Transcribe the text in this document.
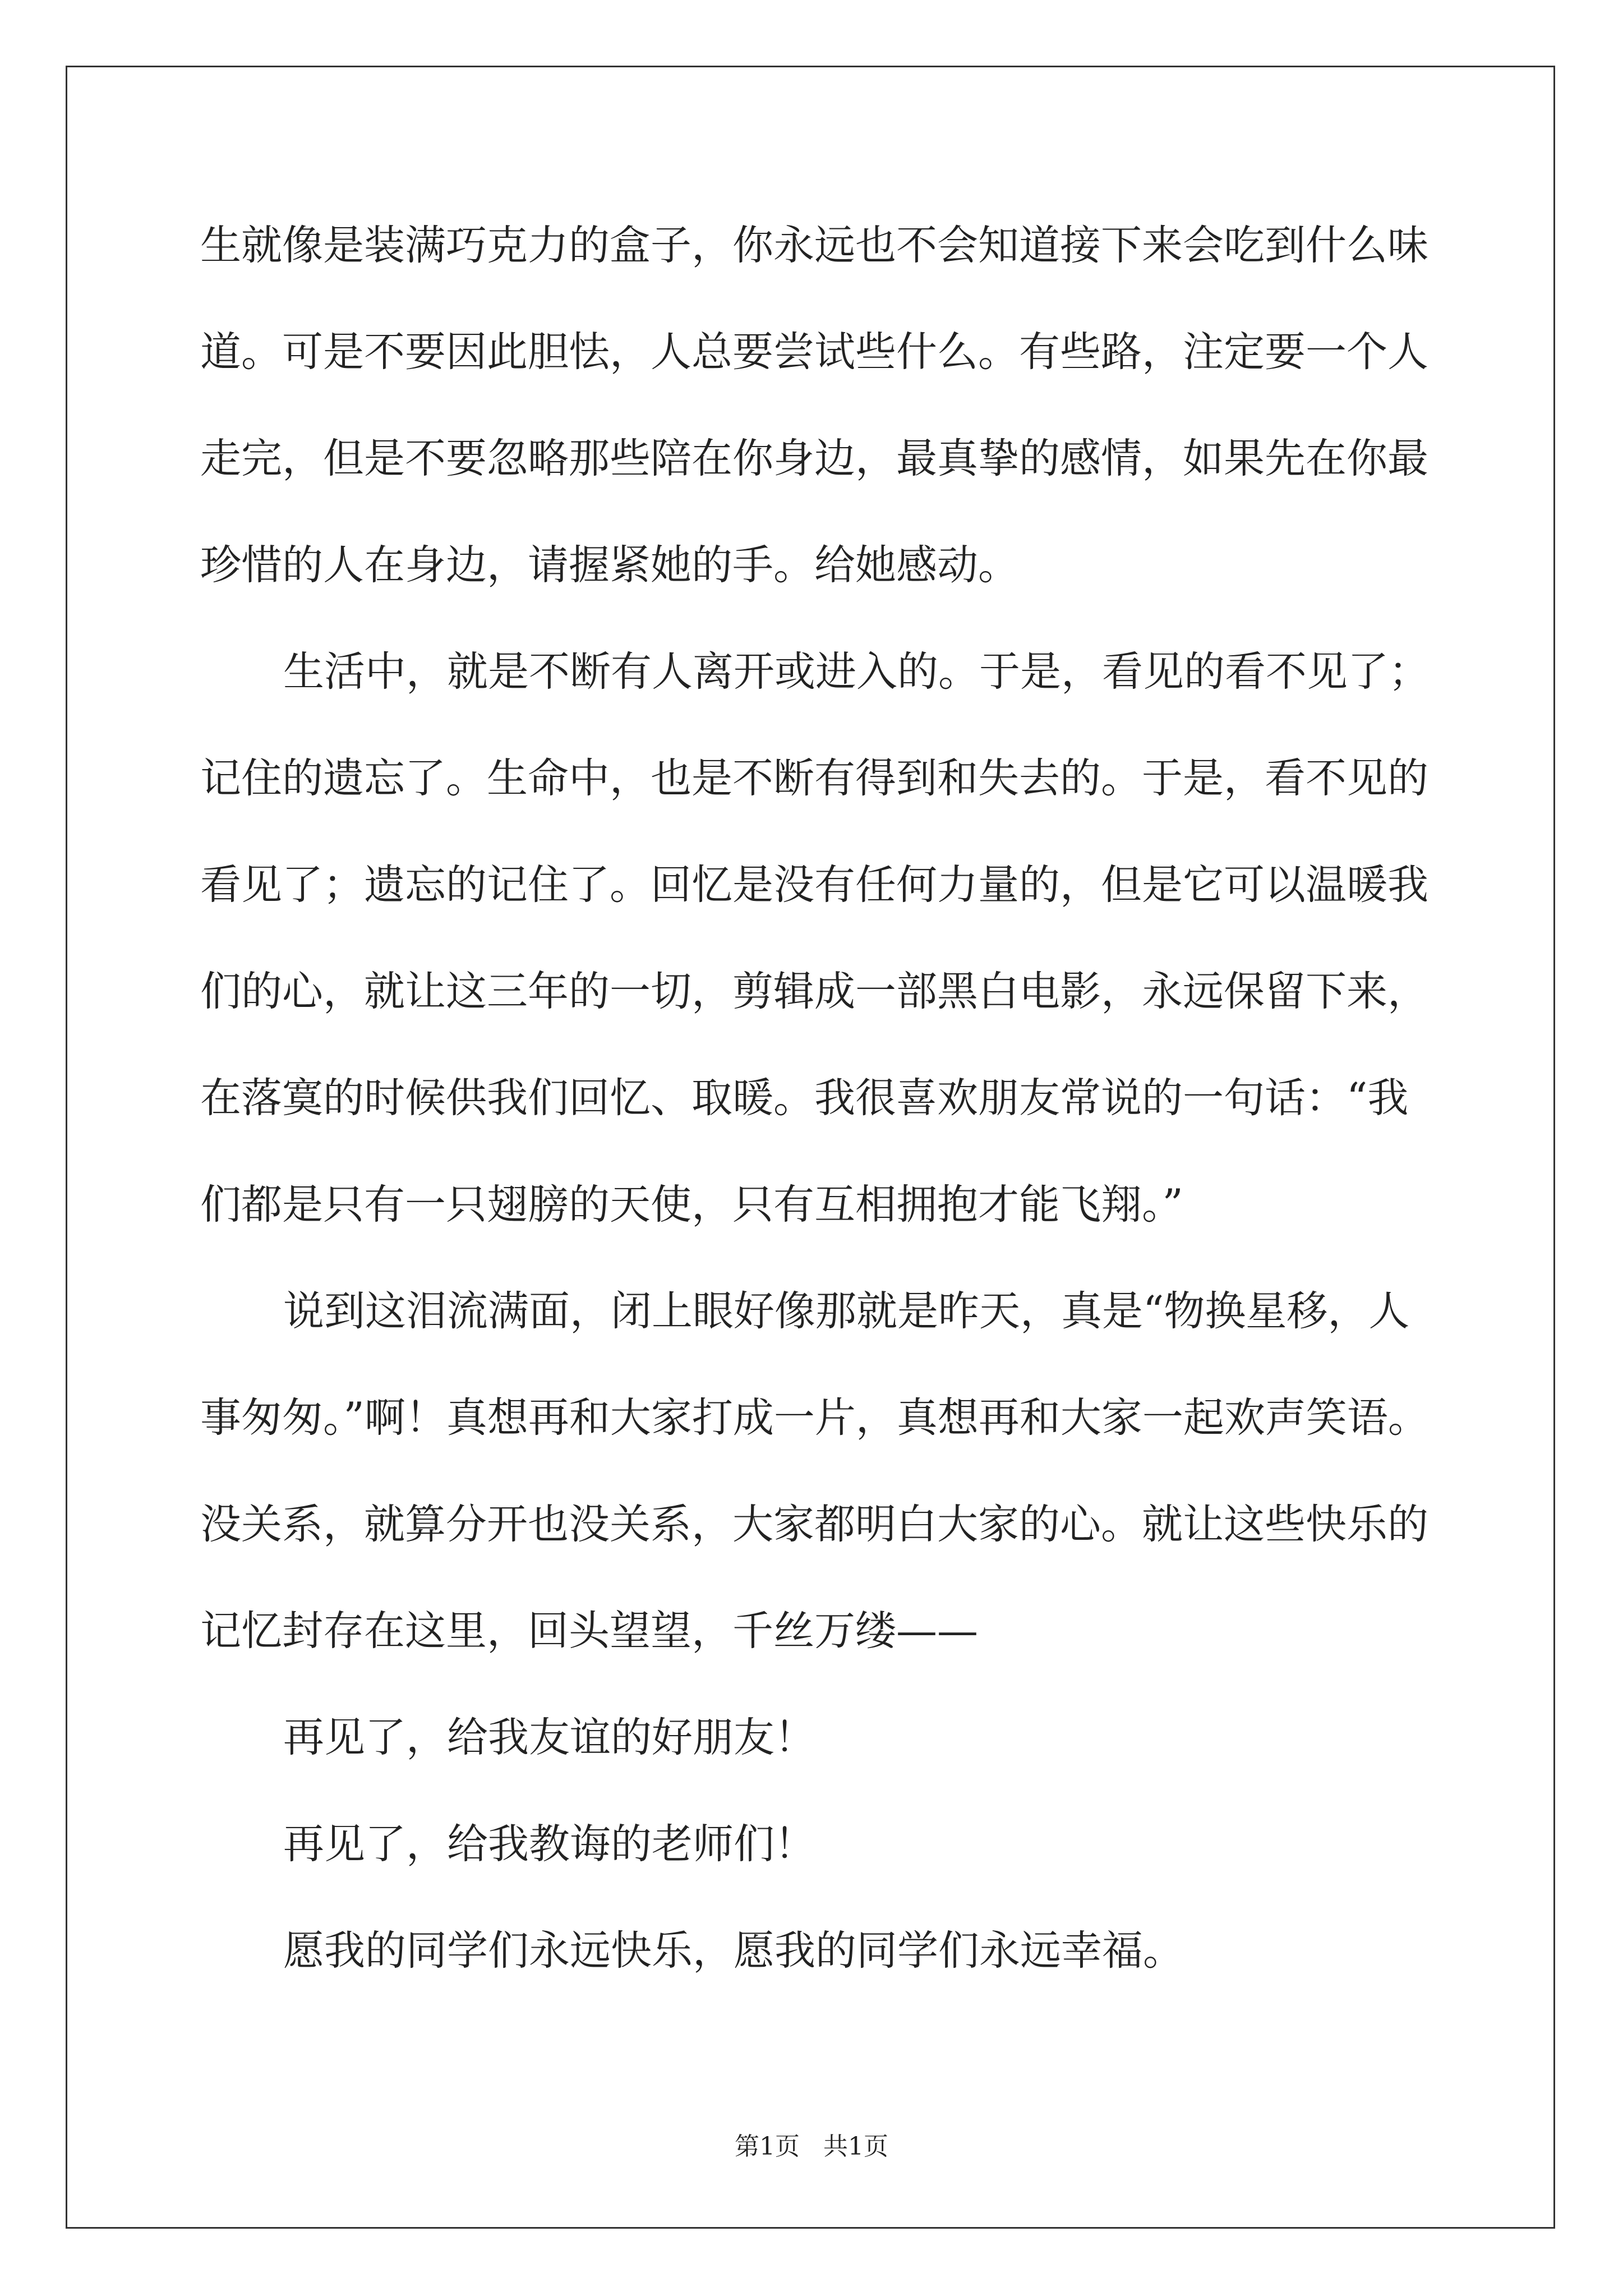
生就像是装满巧克力的盒子，你永远也不会知道接下来会吃到什么味
道。可是不要因此胆怯，人总要尝试些什么。有些路，注定要一个人
走完，但是不要忽略那些陪在你身边，最真挚的感情，如果先在你最
珍惜的人在身边，请握紧她的手。给她感动。
生活中，就是不断有人离开或进入的。于是，看见的看不见了；
记住的遗忘了。生命中，也是不断有得到和失去的。于是，看不见的
看见了；遗忘的记住了。回忆是没有任何力量的，但是它可以温暖我
们的心，就让这三年的一切，剪辑成一部黑白电影，永远保留下来，
在落寞的时候供我们回忆、取暖。我很喜欢朋友常说的一句话：“我
们都是只有一只翅膀的天使，只有互相拥抱才能飞翔。”
说到这泪流满面，闭上眼好像那就是昨天，真是“物换星移，人
事匆匆。”啊！真想再和大家打成一片，真想再和大家一起欢声笑语。
没关系，就算分开也没关系，大家都明白大家的心。就让这些快乐的
记忆封存在这里，回头望望，千丝万缕——
再见了，给我友谊的好朋友！
再见了，给我教诲的老师们！
愿我的同学们永远快乐，愿我的同学们永远幸福。
第1页   共1页
